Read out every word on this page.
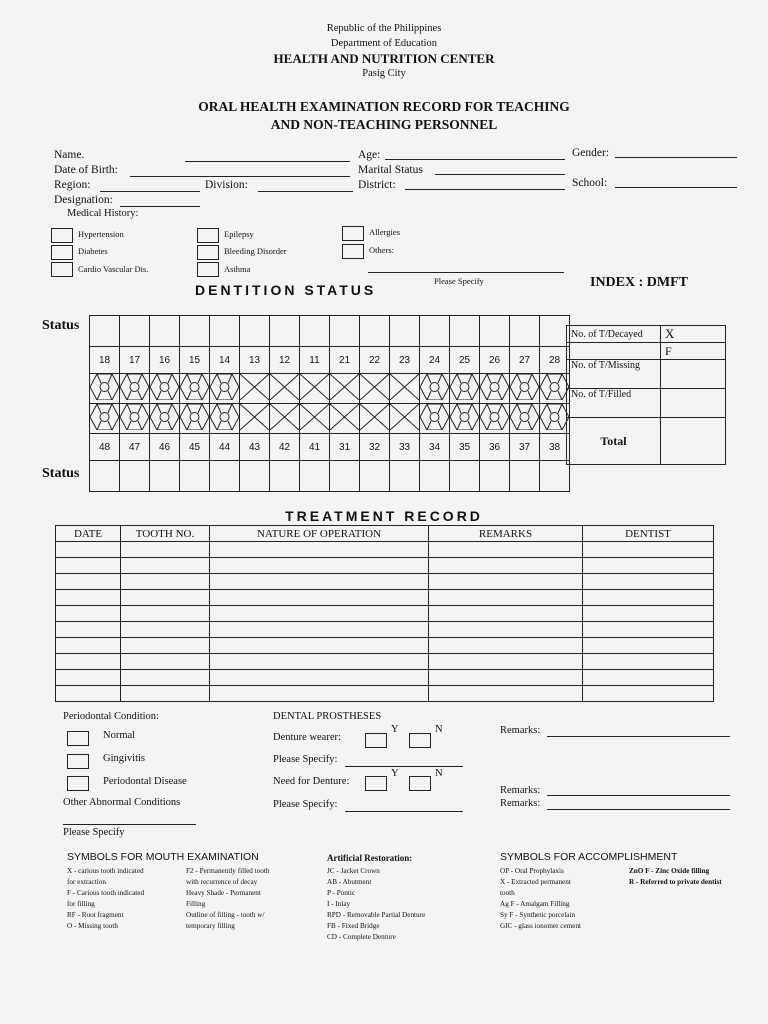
Republic of the Philippines
Department of Education
HEALTH AND NUTRITION CENTER
Pasig City
ORAL HEALTH EXAMINATION RECORD FOR TEACHING
AND NON-TEACHING PERSONNEL
Name.
Date of Birth:
Region:	Division:
Designation:
Age:
Marital Status
District:
Gender:
School:
Medical History:
Hypertension
Diabetes
Cardio Vascular Dis.
Epilepsy
Bleeding Disorder
Asthma
Allergies
Others:
Please Specify
DENTITION STATUS	INDEX : DMFT
Status
Status

18	17	16	15	14	13	12	11	21	22	23	24	25	26	27	28

48	47	46	45	44	43	42	41	31	32	33	34	35	36	37	38

No. of T/Decayed	X
	F
No. of T/Missing	
No. of T/Filled	
Total	
TREATMENT RECORD
DATE	TOOTH NO.	NATURE OF OPERATION	REMARKS	DENTIST

Periodontal Condition:
Normal
Gingivitis
Periodontal Disease
Other Abnormal Conditions
Please Specify
DENTAL PROSTHESES
Denture wearer:
Y	N
Please Specify:
Need for Denture:
Y	N
Please Specify:
Remarks:
Remarks:
Remarks:
SYMBOLS FOR MOUTH EXAMINATION
X - carious tooth indicated
for extraction
F - Carious tooth indicated
for filling
RF - Root fragment
O - Missing tooth
F2 - Permanently filled tooth
with recurrence of decay
Heavy Shade - Permanent
Filling
Outline of filling - tooth w/
temporary filling
Artificial Restoration:
JC - Jacket Crown
AB - Abutment
P - Pontic
I - Inlay
RPD - Removable Partial Denture
FB - Fixed Bridge
CD - Complete Denture
SYMBOLS FOR ACCOMPLISHMENT
OP - Oral Prophylaxis
X - Extracted permanent
tooth
Ag F - Amalgam Filling
Sy F - Synthetic porcelain
GIC - glass ionomer cement
ZnO F - Zinc Oxide filling
R - Referred to private dentist
